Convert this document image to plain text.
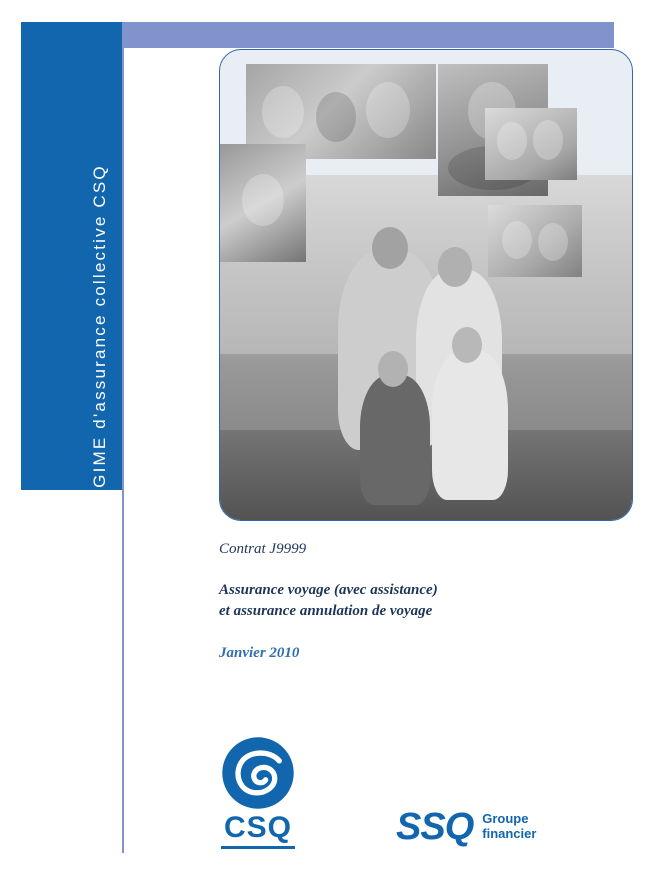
RÉGIME d'assurance collective CSQ
Contrat J9999
Assurance voyage (avec assistance)
et assurance annulation de voyage
Janvier 2010
CSQ	SSQ Groupe
financier
